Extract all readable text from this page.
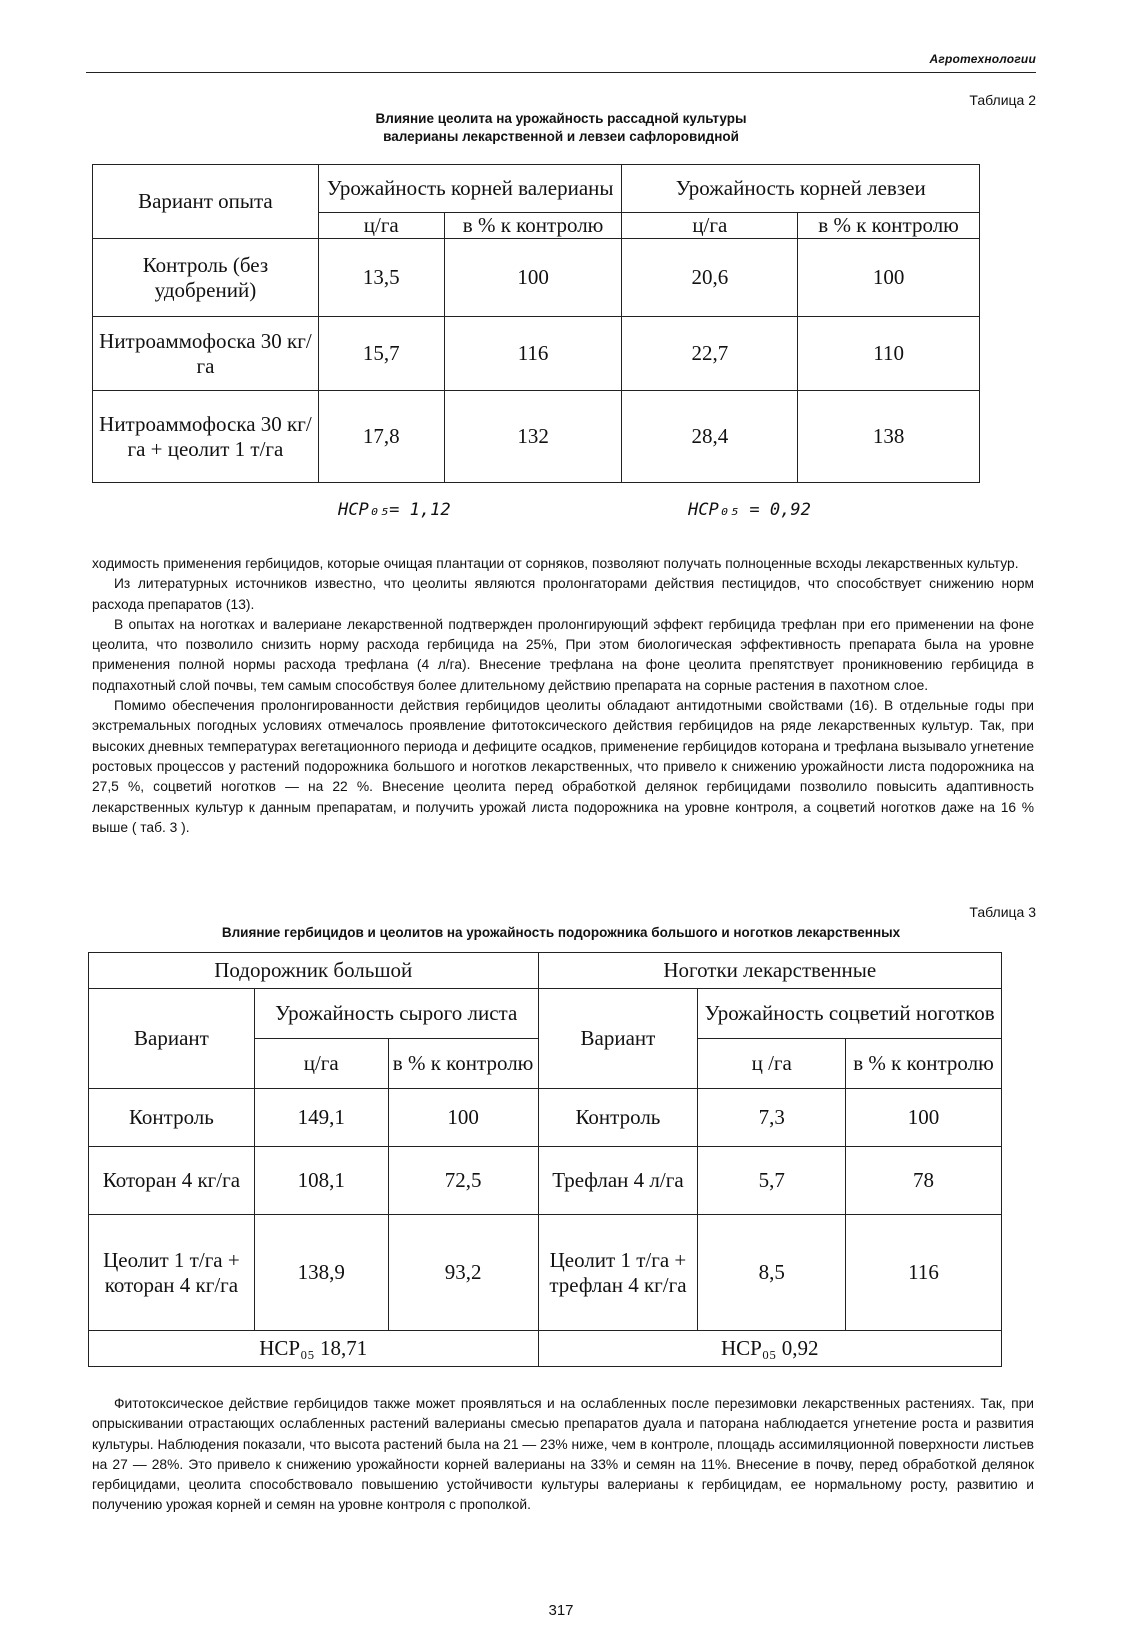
Агротехнологии
Таблица 2
Влияние цеолита на урожайность рассадной культуры
валерианы лекарственной и левзеи сафлоровидной
Вариант опыта	Урожайность корней валерианы		Урожайность корней левзеи	
	ц/га	в % к контролю	ц/га	в % к контролю
Контроль (без удобрений)	13,5	100	20,6	100
Нитроаммофоска 30 кг/га	15,7	116	22,7	110
Нитроаммофоска 30 кг/га + цеолит 1 т/га	17,8	132	28,4	138
НСР₀₅= 1,12	НСР₀₅ = 0,92

ходимость применения гербицидов, которые очищая плантации от сорняков, позволяют получать полноценные всходы лекарственных культур.

Из литературных источников известно, что цеолиты являются пролонгаторами действия пестицидов, что способствует снижению норм расхода препаратов (13).

В опытах на ноготках и валериане лекарственной подтвержден пролонгирующий эффект гербицида трефлан при его применении на фоне цеолита, что позволило снизить норму расхода гербицида на 25%, При этом биологическая эффективность препарата была на уровне применения полной нормы расхода трефлана (4 л/га). Внесение трефлана на фоне цеолита препятствует проникновению гербицида в подпахотный слой почвы, тем самым способствуя более длительному действию препарата на сорные растения в пахотном слое.

Помимо обеспечения пролонгированности действия гербицидов цеолиты обладают антидотными свойствами (16). В отдельные годы при экстремальных погодных условиях отмечалось проявление фитотоксического действия гербицидов на ряде лекарственных культур. Так, при высоких дневных температурах вегетационного периода и дефиците осадков, применение гербицидов которана и трефлана вызывало угнетение ростовых процессов у растений подорожника большого и ноготков лекарственных, что привело к снижению урожайности листа подорожника на 27,5 %, соцветий ноготков — на 22 %. Внесение цеолита перед обработкой делянок гербицидами позволило повысить адаптивность лекарственных культур к данным препаратам, и получить урожай листа подорожника на уровне контроля, а соцветий ноготков даже на 16 % выше ( таб. 3 ).

Таблица 3
Влияние гербицидов и цеолитов на урожайность подорожника большого и ноготков лекарственных
Подорожник большой			Ноготки лекарственные		
Вариант	Урожайность сырого листа		Вариант	Урожайность соцветий ноготков	
	ц/га	в % к контролю		ц /га	в % к контролю
Контроль	149,1	100	Контроль	7,3	100
Которан 4 кг/га	108,1	72,5	Трефлан 4 л/га	5,7	78
Цеолит 1 т/га + которан 4 кг/га	138,9	93,2	Цеолит 1 т/га + трефлан 4 кг/га	8,5	116
НСР₀₅ 18,71			НСР₀₅ 0,92		

Фитотоксическое действие гербицидов также может проявляться и на ослабленных после перезимовки лекарственных растениях. Так, при опрыскивании отрастающих ослабленных растений валерианы смесью препаратов дуала и паторана наблюдается угнетение роста и развития культуры. Наблюдения показали, что высота растений была на 21 — 23% ниже, чем в контроле, площадь ассимиляционной поверхности листьев на 27 — 28%. Это привело к снижению урожайности корней валерианы на 33% и семян на 11%. Внесение в почву, перед обработкой делянок гербицидами, цеолита способствовало повышению устойчивости культуры валерианы к гербицидам, ее нормальному росту, развитию и получению урожая корней и семян на уровне контроля с прополкой.

317
